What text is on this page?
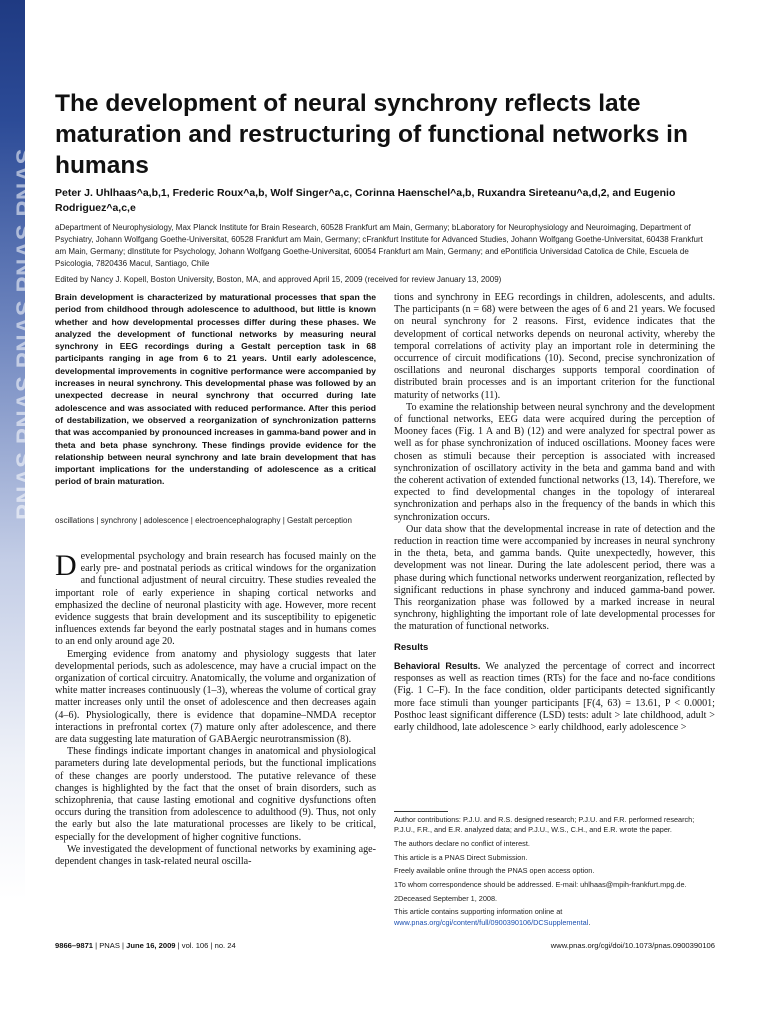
PNAS PNAS PNAS PNAS PNAS
The development of neural synchrony reflects late maturation and restructuring of functional networks in humans

Peter J. Uhlhaas^a,b,1, Frederic Roux^a,b, Wolf Singer^a,c, Corinna Haenschel^a,b, Ruxandra Sireteanu^a,d,2, and Eugenio Rodriguez^a,c,e

aDepartment of Neurophysiology, Max Planck Institute for Brain Research, 60528 Frankfurt am Main, Germany; bLaboratory for Neurophysiology and Neuroimaging, Department of Psychiatry, Johann Wolfgang Goethe-Universitat, 60528 Frankfurt am Main, Germany; cFrankfurt Institute for Advanced Studies, Johann Wolfgang Goethe-Universitat, 60438 Frankfurt am Main, Germany; dInstitute for Psychology, Johann Wolfgang Goethe-Universitat, 60054 Frankfurt am Main, Germany; and ePontificia Universidad Catolica de Chile, Escuela de Psicologia, 7820436 Macul, Santiago, Chile

Edited by Nancy J. Kopell, Boston University, Boston, MA, and approved April 15, 2009 (received for review January 13, 2009)

Brain development is characterized by maturational processes that span the period from childhood through adolescence to adulthood, but little is known whether and how developmental processes differ during these phases. We analyzed the development of functional networks by measuring neural synchrony in EEG recordings during a Gestalt perception task in 68 participants ranging in age from 6 to 21 years. Until early adolescence, developmental improvements in cognitive performance were accompanied by increases in neural synchrony. This developmental phase was followed by an unexpected decrease in neural synchrony that occurred during late adolescence and was associated with reduced performance. After this period of destabilization, we observed a reorganization of synchronization patterns that was accompanied by pronounced increases in gamma-band power and in theta and beta phase synchrony. These findings provide evidence for the relationship between neural synchrony and late brain development that has important implications for the understanding of adolescence as a critical period of brain maturation.

oscillations | synchrony | adolescence | electroencephalography | Gestalt perception

Developmental psychology and brain research has focused mainly on the early pre- and postnatal periods as critical windows for the organization and functional adjustment of neural circuitry. These studies revealed the important role of early experience in shaping cortical networks and emphasized the decline of neuronal plasticity with age. However, more recent evidence suggests that brain development and its susceptibility to epigenetic influences extends far beyond the early postnatal stages and in humans comes to an end only around age 20.

Emerging evidence from anatomy and physiology suggests that later developmental periods, such as adolescence, may have a crucial impact on the organization of cortical circuitry. Anatomically, the volume and organization of white matter increases continuously (1–3), whereas the volume of cortical gray matter increases only until the onset of adolescence and then decreases again (4–6). Physiologically, there is evidence that dopamine–NMDA receptor interactions in prefrontal cortex (7) mature only after adolescence, and there are data suggesting late maturation of GABAergic neurotransmission (8).

These findings indicate important changes in anatomical and physiological parameters during late developmental periods, but the functional implications of these changes are poorly understood. The putative relevance of these changes is highlighted by the fact that the onset of brain disorders, such as schizophrenia, that cause lasting emotional and cognitive dysfunctions often occurs during the transition from adolescence to adulthood (9). Thus, not only the early but also the late maturational processes are likely to be critical, especially for the development of higher cognitive functions.

We investigated the development of functional networks by examining age-dependent changes in task-related neural oscilla-

tions and synchrony in EEG recordings in children, adolescents, and adults. The participants (n = 68) were between the ages of 6 and 21 years. We focused on neural synchrony for 2 reasons. First, evidence indicates that the development of cortical networks depends on neuronal activity, whereby the temporal correlations of activity play an important role in determining the occurrence of circuit modifications (10). Second, precise synchronization of oscillations and neuronal discharges supports temporal coordination of distributed brain processes and is an important criterion for the functional maturity of networks (11).

To examine the relationship between neural synchrony and the development of functional networks, EEG data were acquired during the perception of Mooney faces (Fig. 1 A and B) (12) and were analyzed for spectral power as well as for phase synchronization of induced oscillations. Mooney faces were chosen as stimuli because their perception is associated with increased synchronization of oscillatory activity in the beta and gamma band and with the coherent activation of extended functional networks (13, 14). Therefore, we expected to find developmental changes in the topology of interareal synchronization and perhaps also in the frequency of the bands in which this synchronization occurs.

Our data show that the developmental increase in rate of detection and the reduction in reaction time were accompanied by increases in neural synchrony in the theta, beta, and gamma bands. Quite unexpectedly, however, this development was not linear. During the late adolescent period, there was a phase during which functional networks underwent reorganization, reflected by significant reductions in phase synchrony and induced gamma-band power. This reorganization phase was followed by a marked increase in neural synchrony, highlighting the important role of late developmental processes for the maturation of functional networks.

Results

Behavioral Results. We analyzed the percentage of correct and incorrect responses as well as reaction times (RTs) for the face and no-face conditions (Fig. 1 C–F). In the face condition, older participants detected significantly more face stimuli than younger participants [F(4, 63) = 13.61, P < 0.0001; Posthoc least significant difference (LSD) tests: adult > late childhood, adult > early childhood, late adolescence > early childhood, early adolescence >

Author contributions: P.J.U. and R.S. designed research; P.J.U. and F.R. performed research; P.J.U., F.R., and E.R. analyzed data; and P.J.U., W.S., C.H., and E.R. wrote the paper.

The authors declare no conflict of interest.

This article is a PNAS Direct Submission.

Freely available online through the PNAS open access option.

1To whom correspondence should be addressed. E-mail: uhlhaas@mpih-frankfurt.mpg.de.

2Deceased September 1, 2008.

This article contains supporting information online at www.pnas.org/cgi/content/full/0900390106/DCSupplemental.

9866–9871 | PNAS | June 16, 2009 | vol. 106 | no. 24	www.pnas.org/cgi/doi/10.1073/pnas.0900390106
